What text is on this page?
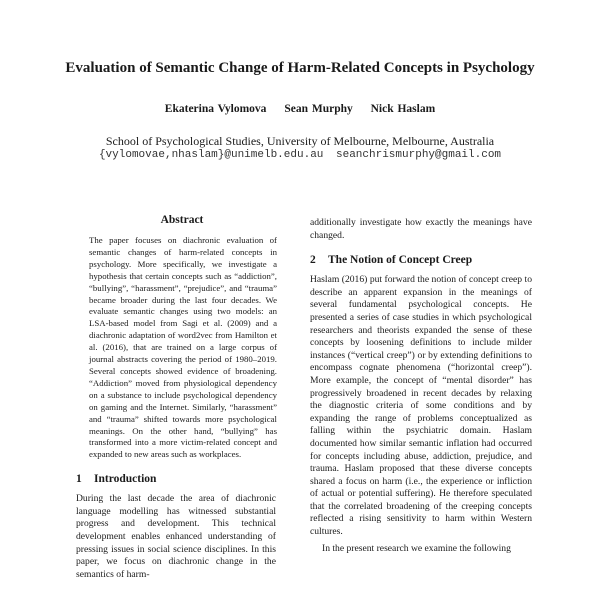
Evaluation of Semantic Change of Harm-Related Concepts in Psychology
Ekaterina Vylomova Sean Murphy Nick Haslam
School of Psychological Studies, University of Melbourne, Melbourne, Australia
{vylomovae,nhaslam}@unimelb.edu.au seanchrismurphy@gmail.com
Abstract

The paper focuses on diachronic evaluation of semantic changes of harm-related concepts in psychology. More specifically, we investigate a hypothesis that certain concepts such as “addiction”, “bullying”, “harassment”, “prejudice”, and “trauma” became broader during the last four decades. We evaluate semantic changes using two models: an LSA-based model from Sagi et al. (2009) and a diachronic adaptation of word2vec from Hamilton et al. (2016), that are trained on a large corpus of journal abstracts covering the period of 1980–2019. Several concepts showed evidence of broadening. “Addiction” moved from physiological dependency on a substance to include psychological dependency on gaming and the Internet. Similarly, “harassment” and “trauma” shifted towards more psychological meanings. On the other hand, “bullying” has transformed into a more victim-related concept and expanded to new areas such as workplaces.

1 Introduction

During the last decade the area of diachronic language modelling has witnessed substantial progress and development. This technical development enables enhanced understanding of pressing issues in social science disciplines. In this paper, we focus on diachronic change in the semantics of harm-

additionally investigate how exactly the meanings have changed.

2 The Notion of Concept Creep

Haslam (2016) put forward the notion of concept creep to describe an apparent expansion in the meanings of several fundamental psychological concepts. He presented a series of case studies in which psychological researchers and theorists expanded the sense of these concepts by loosening definitions to include milder instances (“vertical creep”) or by extending definitions to encompass cognate phenomena (“horizontal creep”). More example, the concept of “mental disorder” has progressively broadened in recent decades by relaxing the diagnostic criteria of some conditions and by expanding the range of problems conceptualized as falling within the psychiatric domain. Haslam documented how similar semantic inflation had occurred for concepts including abuse, addiction, prejudice, and trauma. Haslam proposed that these diverse concepts shared a focus on harm (i.e., the experience or infliction of actual or potential suffering). He therefore speculated that the correlated broadening of the creeping concepts reflected a rising sensitivity to harm within Western cultures.

In the present research we examine the following
